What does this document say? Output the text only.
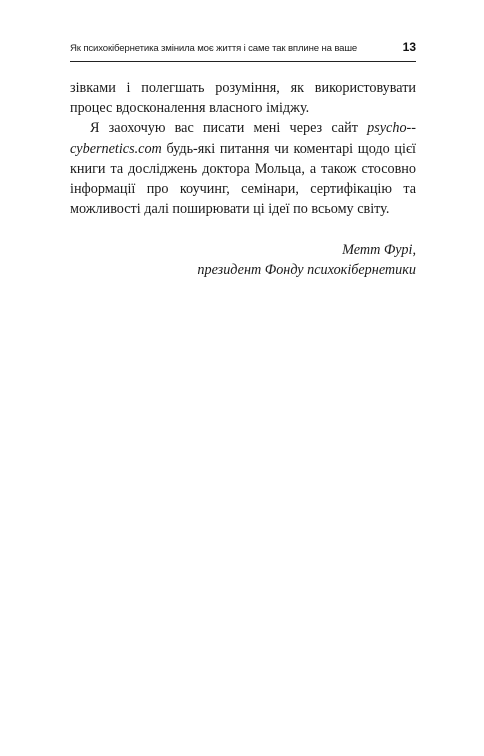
Як психокібернетика змінила моє життя і саме так вплине на ваше	13

зівками і полегшать розуміння, як використовувати процес вдосконалення власного іміджу.

Я заохочую вас писати мені через сайт psycho-cybernetics.com будь-які питання чи коментарі щодо цієї книги та досліджень доктора Мольца, а також стосовно інформації про коучинг, семінари, сертифікацію та можливості далі поширювати ці ідеї по всьому світу.

Метт Фурі,
президент Фонду психокібернетики
